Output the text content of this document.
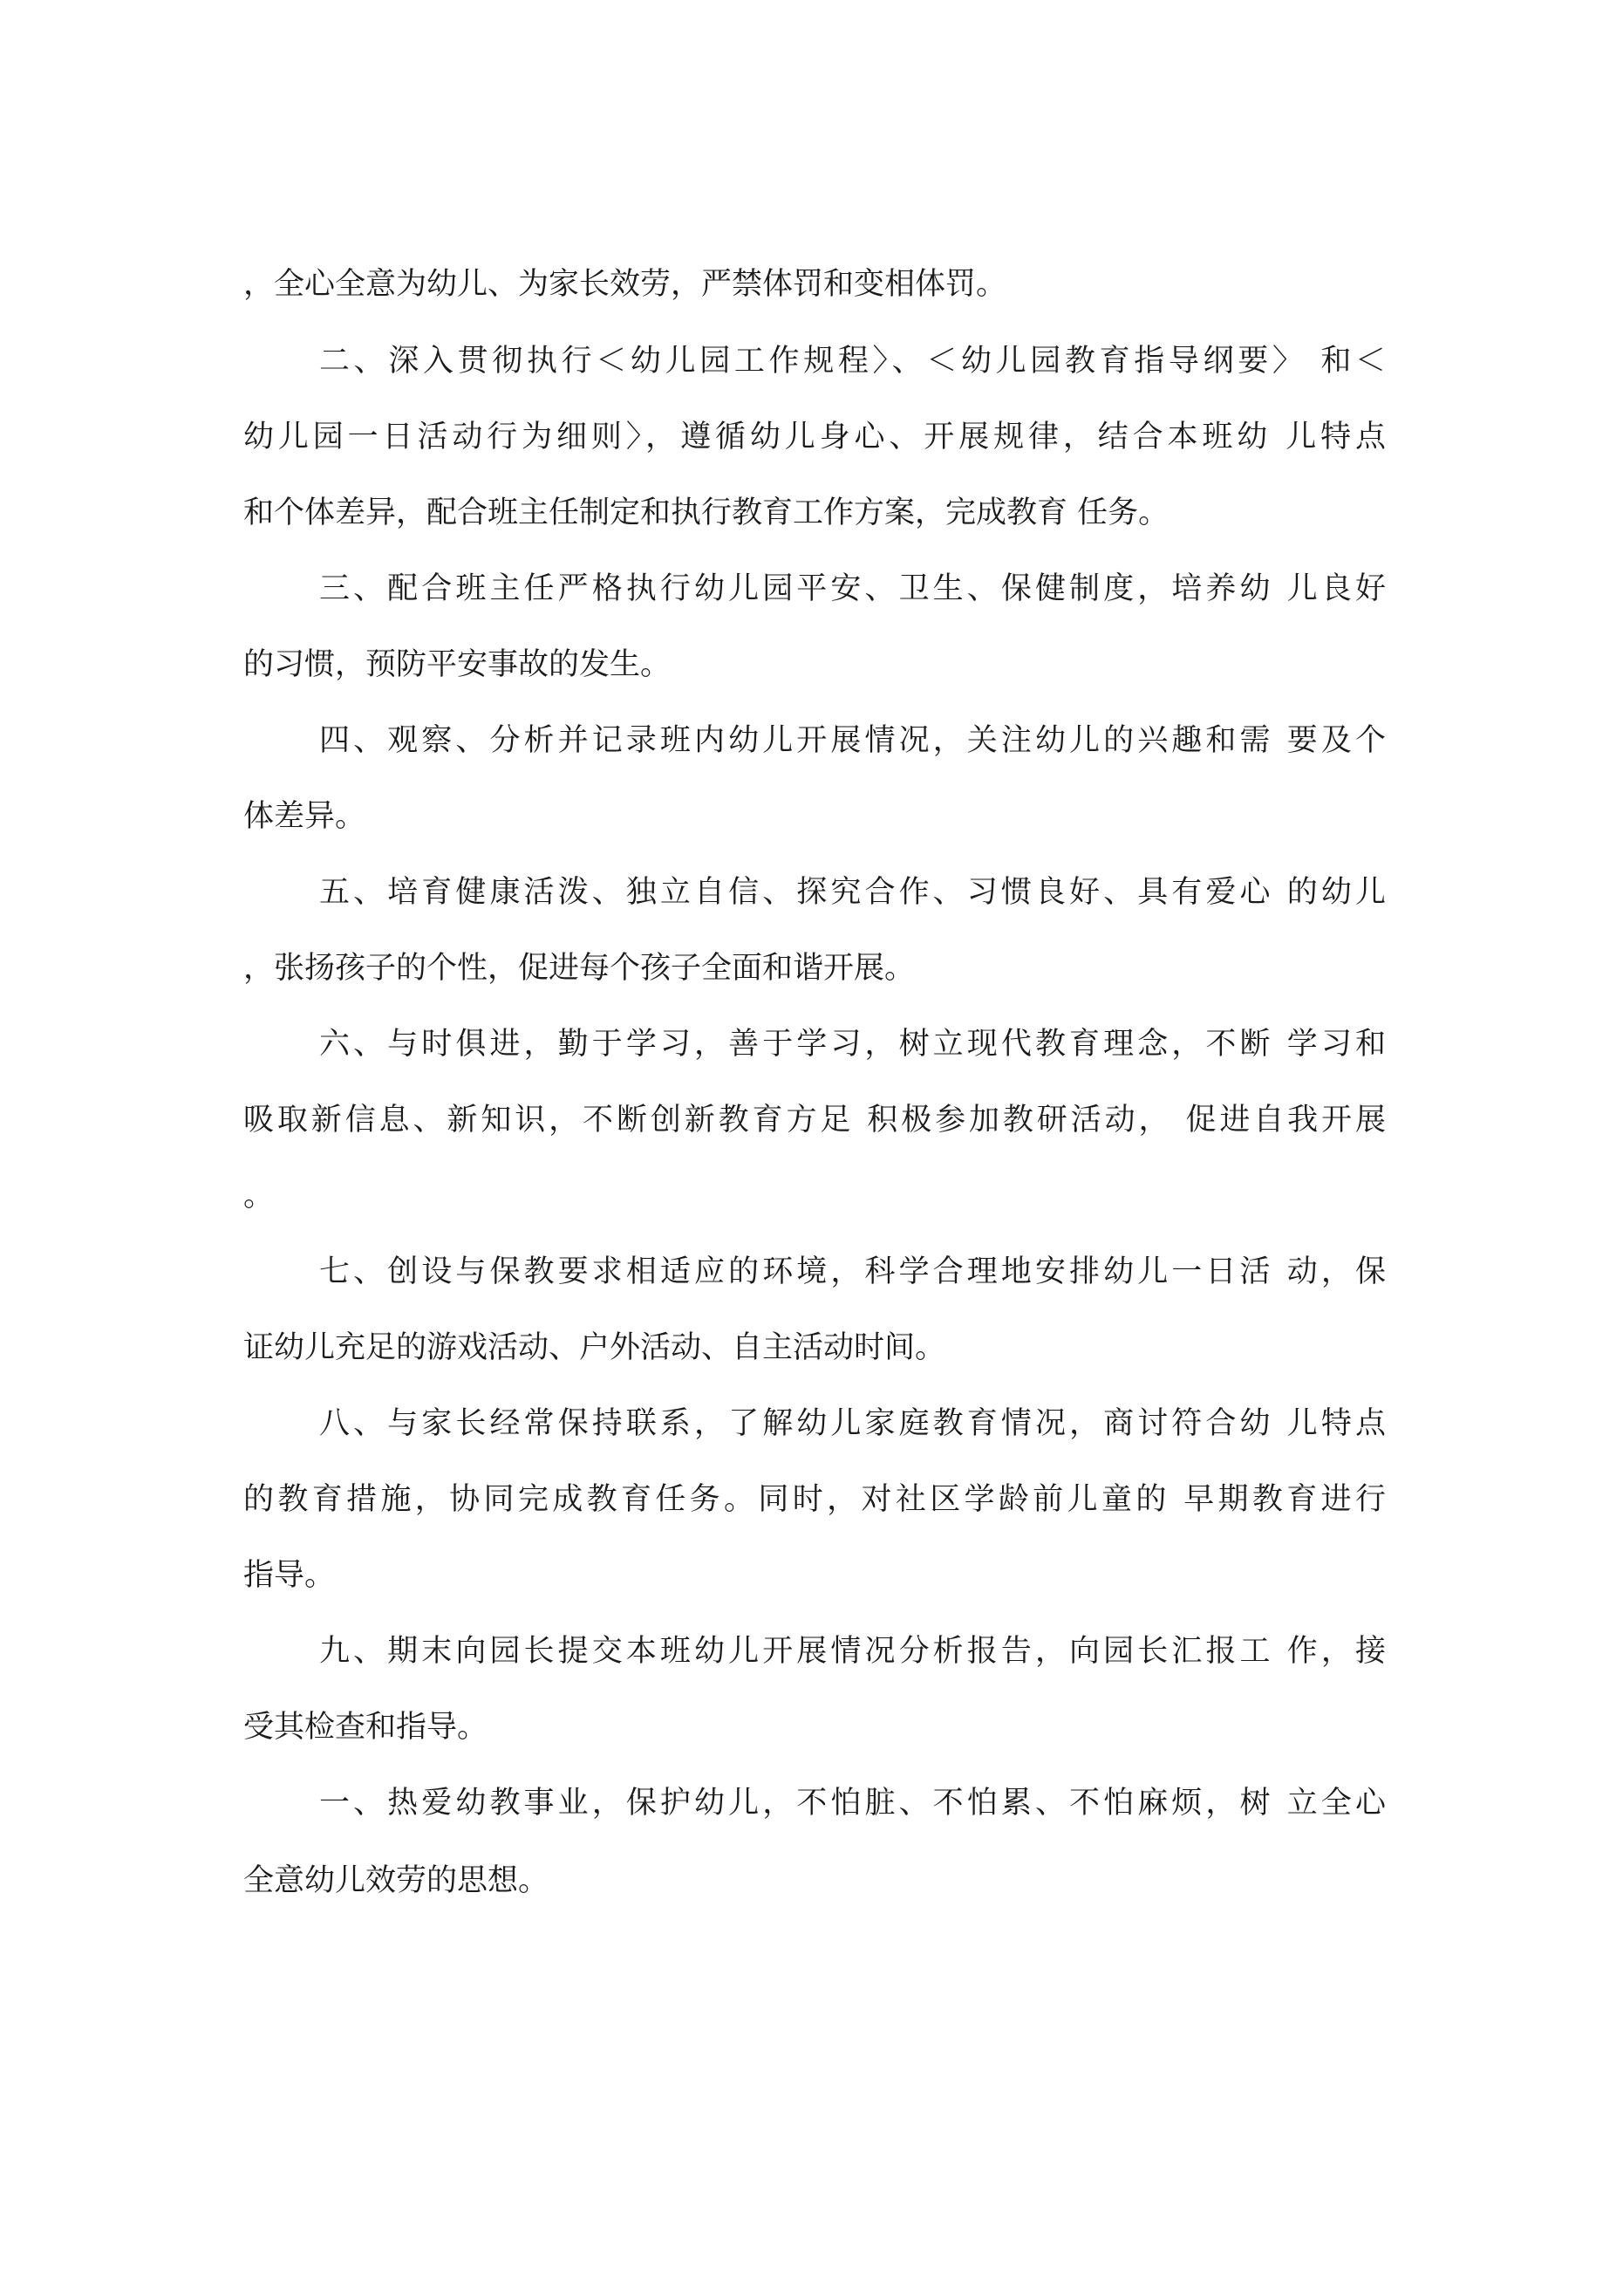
，全心全意为幼儿、为家长效劳，严禁体罚和变相体罚。
二、深入贯彻执行＜幼儿园工作规程〉、＜幼儿园教育指导纲要〉 和＜
幼儿园一日活动行为细则〉，遵循幼儿身心、开展规律，结合本班幼 儿特点
和个体差异，配合班主任制定和执行教育工作方案，完成教育 任务。
三、配合班主任严格执行幼儿园平安、卫生、保健制度，培养幼 儿良好
的习惯，预防平安事故的发生。
四、观察、分析并记录班内幼儿开展情况，关注幼儿的兴趣和需 要及个
体差异。
五、培育健康活泼、独立自信、探究合作、习惯良好、具有爱心 的幼儿
，张扬孩子的个性，促进每个孩子全面和谐开展。
六、与时俱进，勤于学习，善于学习，树立现代教育理念，不断 学习和
吸取新信息、新知识，不断创新教育方足 积极参加教研活动， 促进自我开展
。
七、创设与保教要求相适应的环境，科学合理地安排幼儿一日活 动，保
证幼儿充足的游戏活动、户外活动、自主活动时间。
八、与家长经常保持联系，了解幼儿家庭教育情况，商讨符合幼 儿特点
的教育措施，协同完成教育任务。同时，对社区学龄前儿童的 早期教育进行
指导。
九、期末向园长提交本班幼儿开展情况分析报告，向园长汇报工 作，接
受其检查和指导。
一、热爱幼教事业，保护幼儿，不怕脏、不怕累、不怕麻烦，树 立全心
全意幼儿效劳的思想。
